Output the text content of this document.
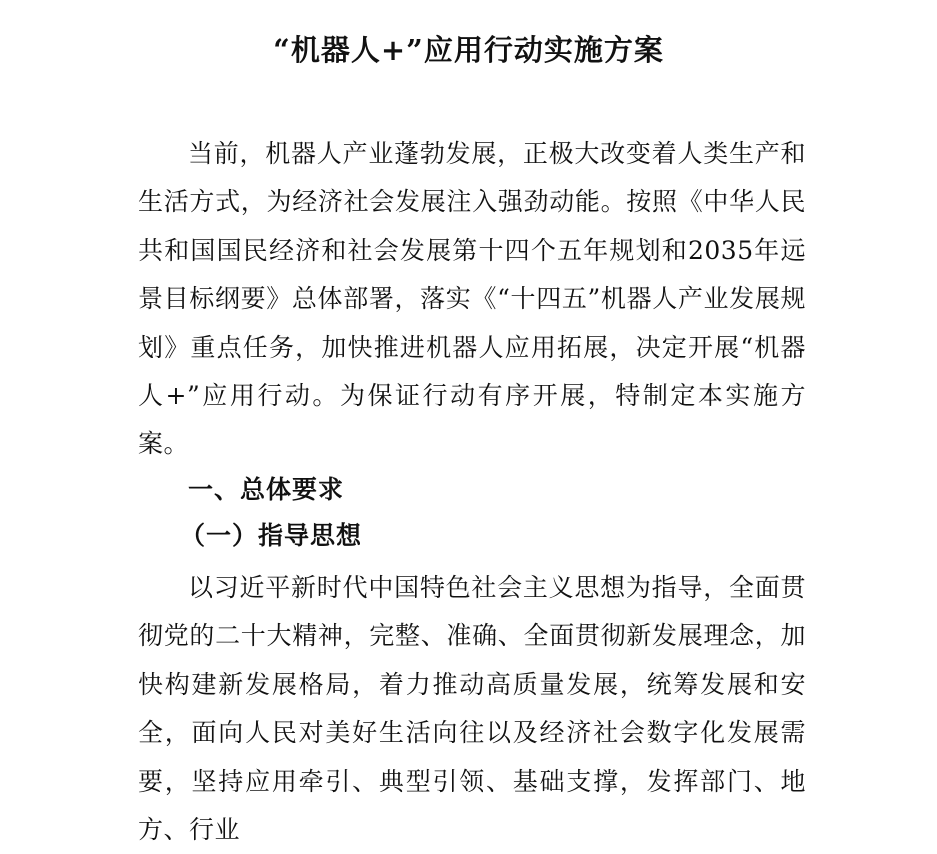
“机器人+”应用行动实施方案
当前，机器人产业蓬勃发展，正极大改变着人类生产和生活方式，为经济社会发展注入强劲动能。按照《中华人民共和国国民经济和社会发展第十四个五年规划和2035年远景目标纲要》总体部署，落实《“十四五”机器人产业发展规划》重点任务，加快推进机器人应用拓展，决定开展“机器人+”应用行动。为保证行动有序开展，特制定本实施方案。
一、总体要求
（一）指导思想
以习近平新时代中国特色社会主义思想为指导，全面贯彻党的二十大精神，完整、准确、全面贯彻新发展理念，加快构建新发展格局，着力推动高质量发展，统筹发展和安全，面向人民对美好生活向往以及经济社会数字化发展需要，坚持应用牵引、典型引领、基础支撑，发挥部门、地方、行业
